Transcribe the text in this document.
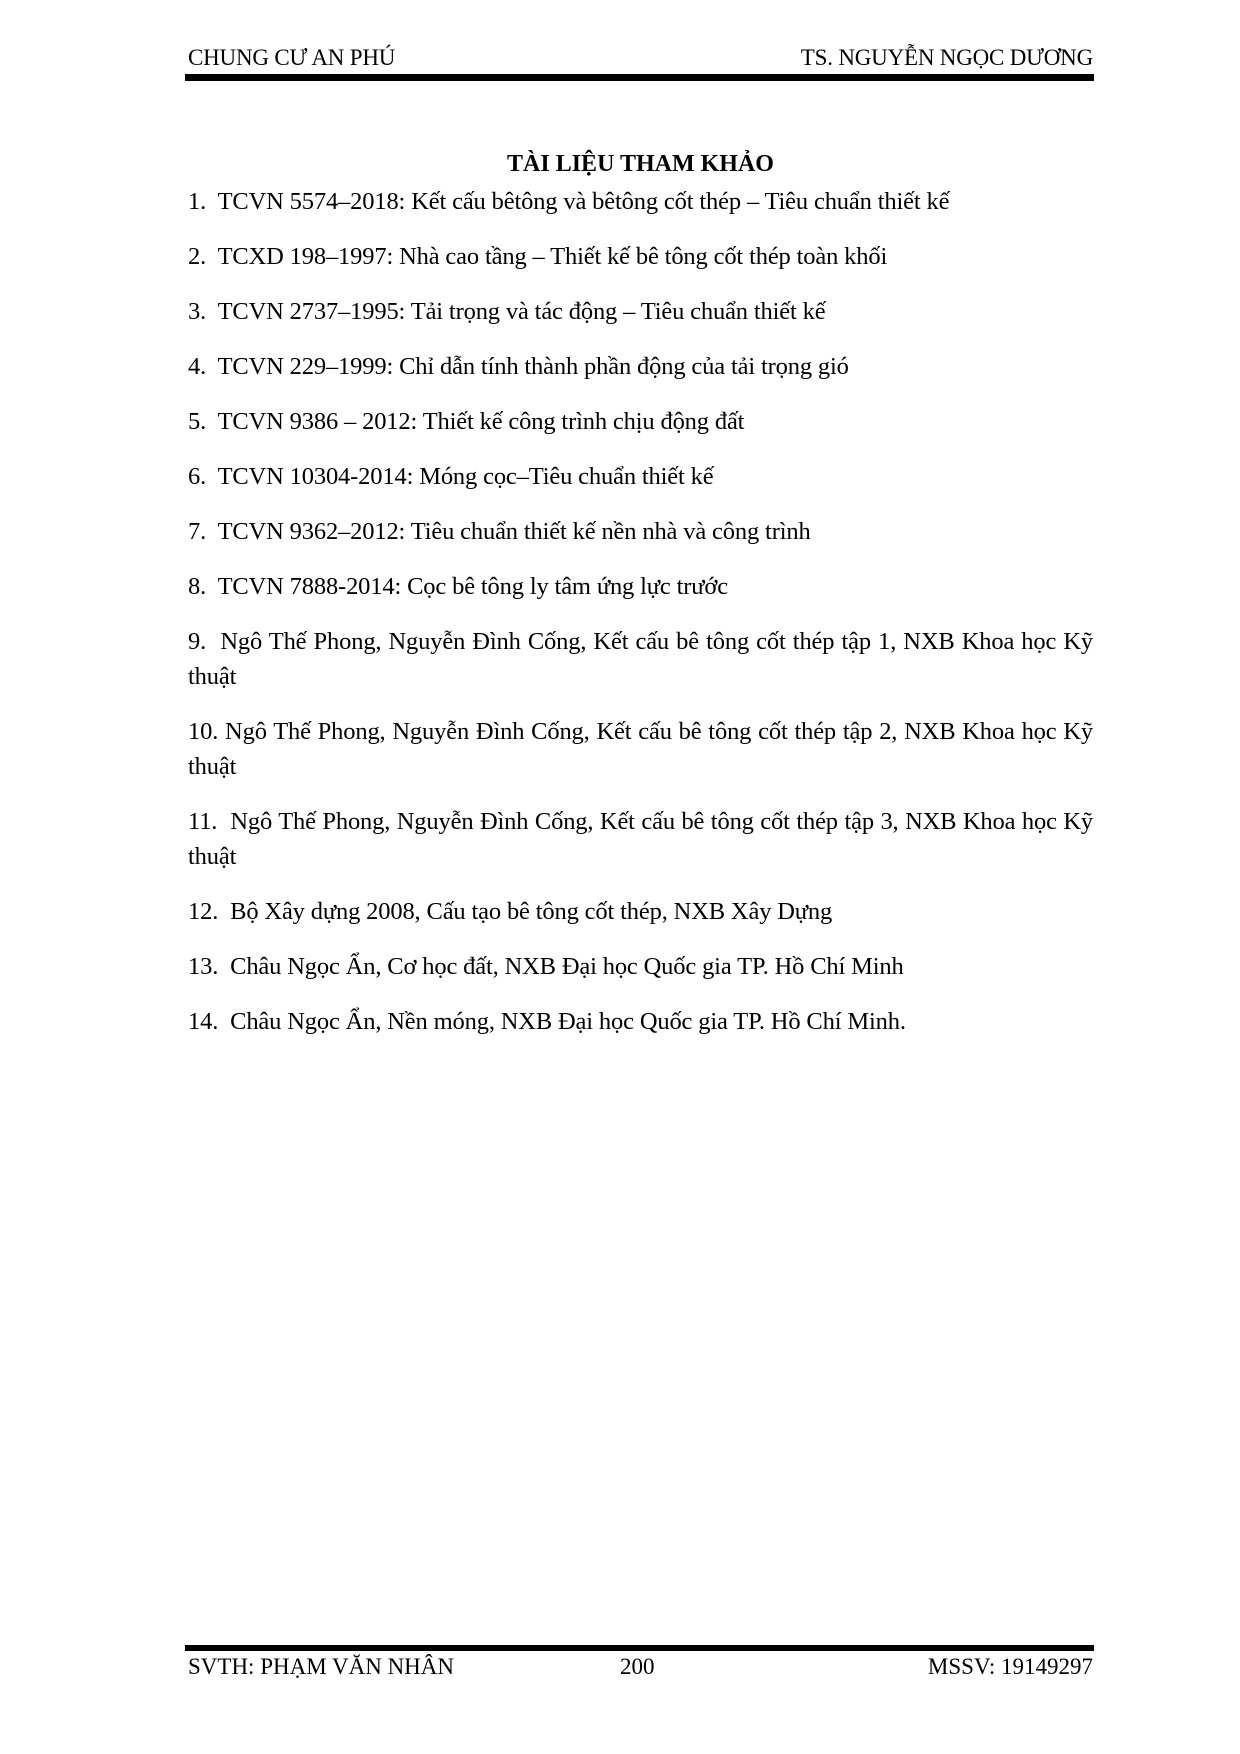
CHUNG CƯ AN PHÚ	TS. NGUYỄN NGỌC DƯƠNG
TÀI LIỆU THAM KHẢO
1. TCVN 5574–2018: Kết cấu bêtông và bêtông cốt thép – Tiêu chuẩn thiết kế
2. TCXD 198–1997: Nhà cao tầng – Thiết kế bê tông cốt thép toàn khối
3. TCVN 2737–1995: Tải trọng và tác động – Tiêu chuẩn thiết kế
4. TCVN 229–1999: Chỉ dẫn tính thành phần động của tải trọng gió
5. TCVN 9386 – 2012: Thiết kế công trình chịu động đất
6. TCVN 10304-2014: Móng cọc–Tiêu chuẩn thiết kế
7. TCVN 9362–2012: Tiêu chuẩn thiết kế nền nhà và công trình
8. TCVN 7888-2014: Cọc bê tông ly tâm ứng lực trước
9. Ngô Thế Phong, Nguyễn Đình Cống, Kết cấu bê tông cốt thép tập 1, NXB Khoa học Kỹ thuật
10. Ngô Thế Phong, Nguyễn Đình Cống, Kết cấu bê tông cốt thép tập 2, NXB Khoa học Kỹ thuật
11. Ngô Thế Phong, Nguyễn Đình Cống, Kết cấu bê tông cốt thép tập 3, NXB Khoa học Kỹ thuật
12. Bộ Xây dựng 2008, Cấu tạo bê tông cốt thép, NXB Xây Dựng
13. Châu Ngọc Ẩn, Cơ học đất, NXB Đại học Quốc gia TP. Hồ Chí Minh
14. Châu Ngọc Ẩn, Nền móng, NXB Đại học Quốc gia TP. Hồ Chí Minh.
SVTH: PHẠM VĂN NHÂN	200	MSSV: 19149297
